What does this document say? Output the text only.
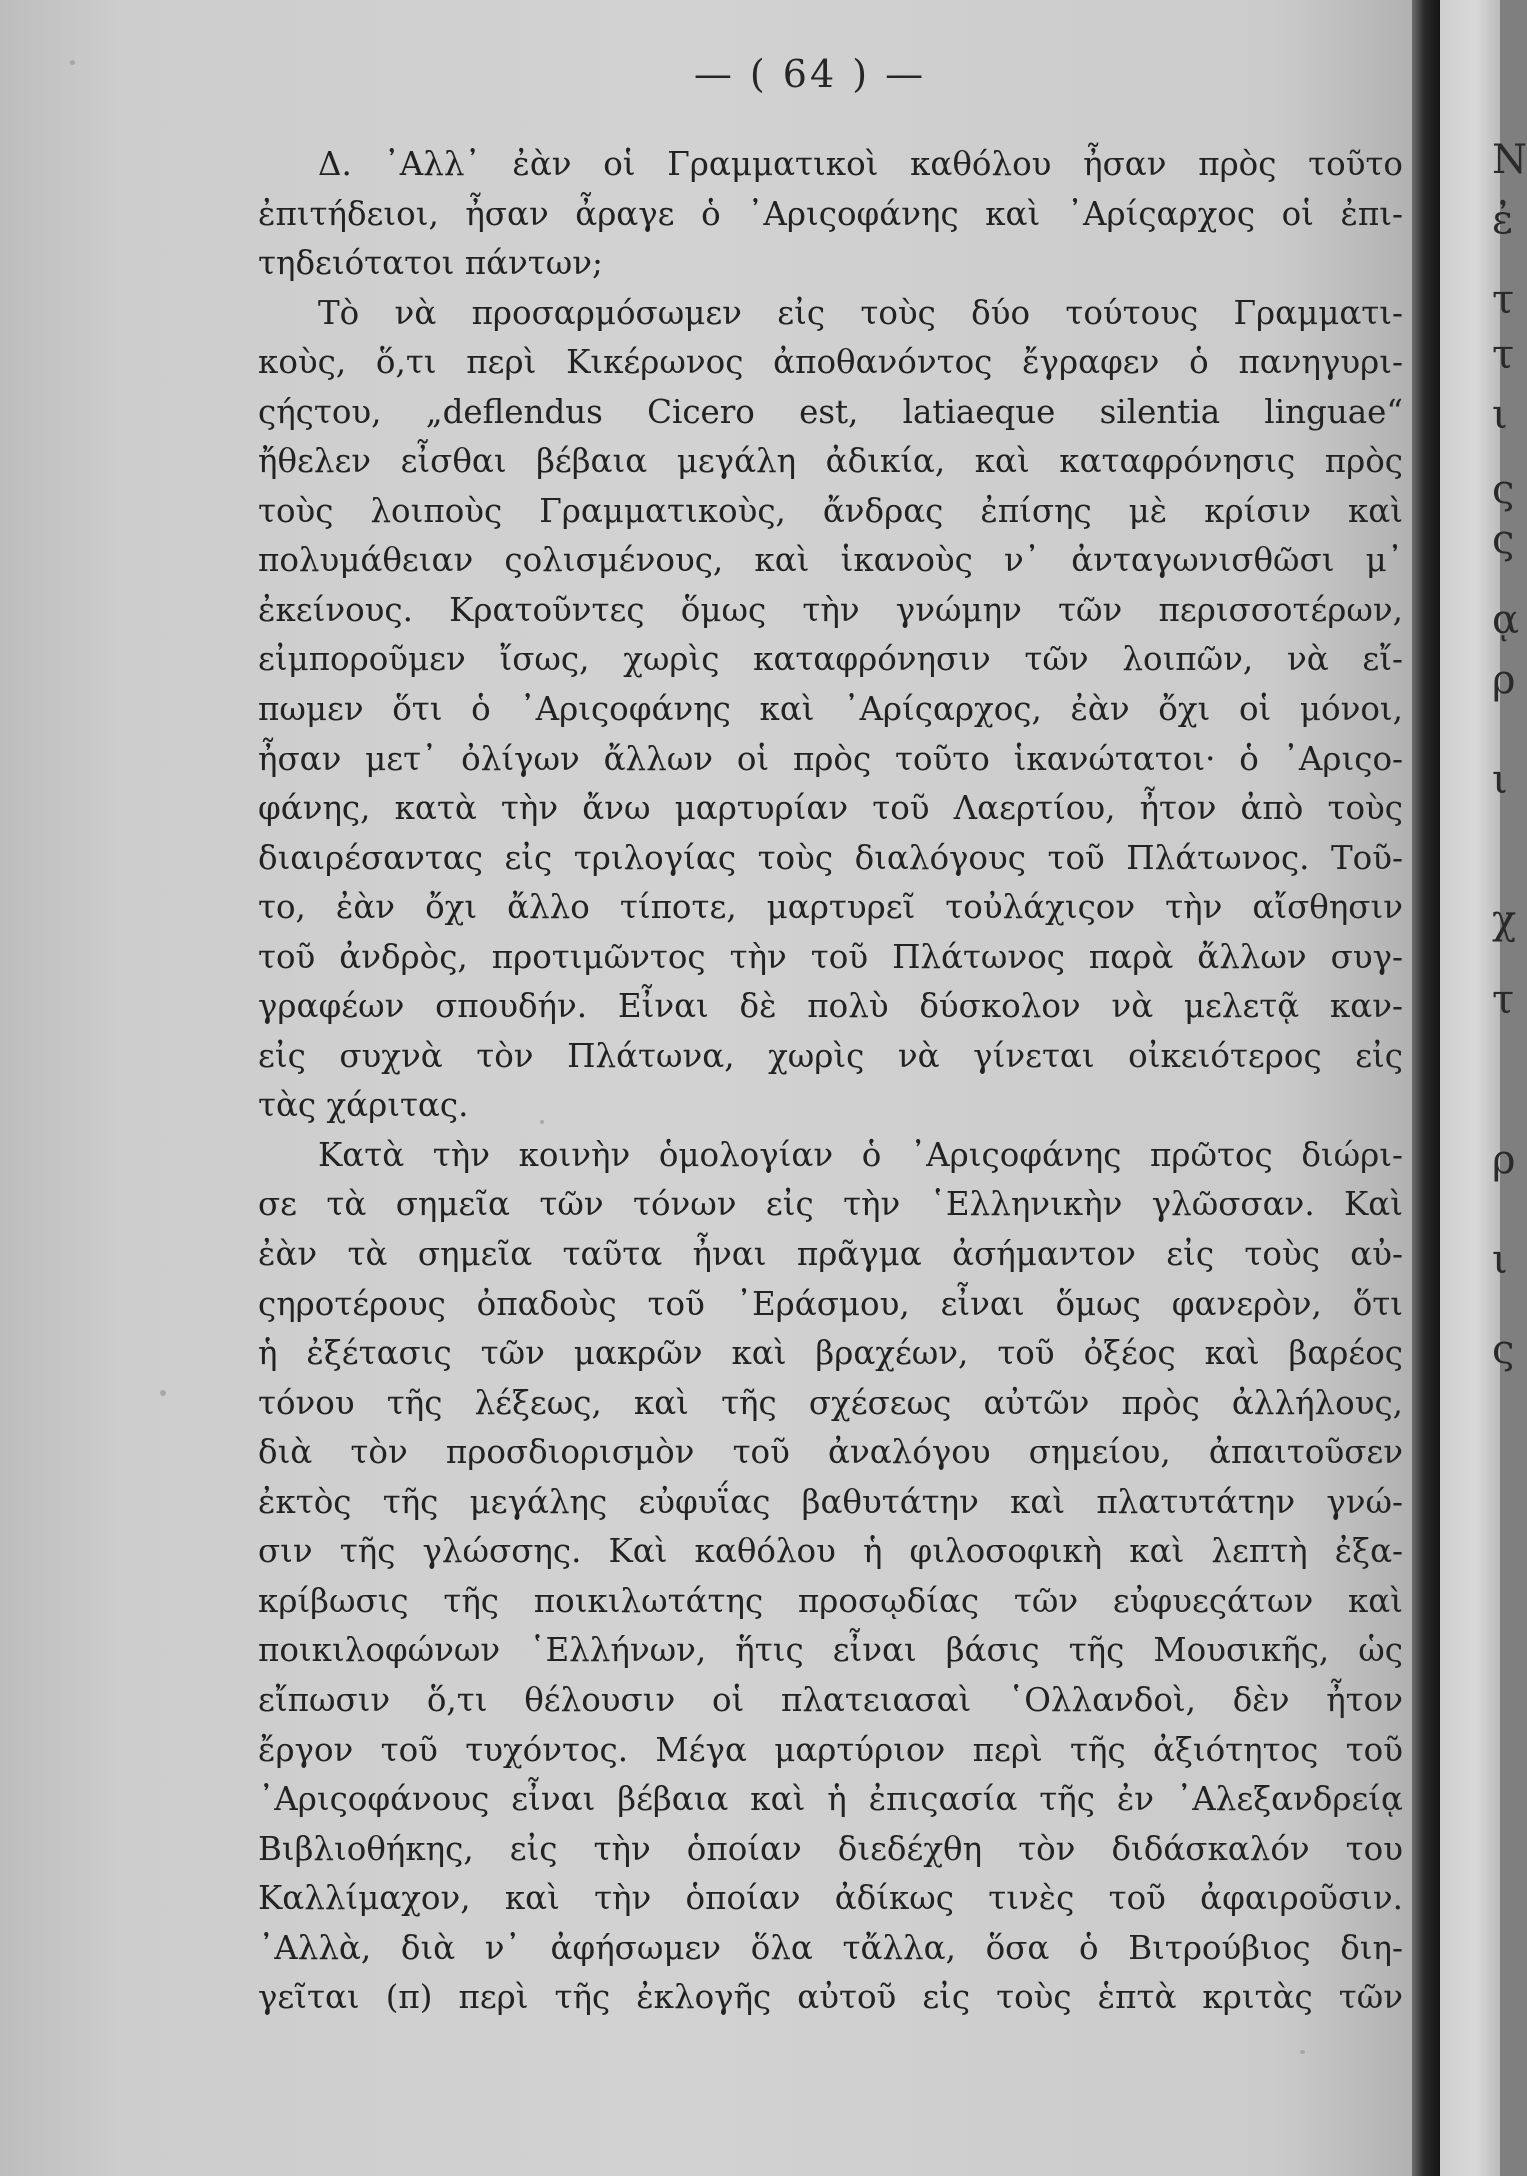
— ( 64 ) —
Δ. ᾿Αλλ᾿ ἐὰν οἱ Γραμματικοὶ καθόλου ἦσαν πρὸς τοῦτο
ἐπιτήδειοι, ἦσαν ἆραγε ὁ ᾿Αριςοφάνης καὶ ᾿Αρίςαρχος οἱ ἐπι-
τηδειότατοι πάντων;
Τὸ νὰ προσαρμόσωμεν εἰς τοὺς δύο τούτους Γραμματι-
κοὺς, ὅ,τι περὶ Κικέρωνος ἀποθανόντος ἔγραφεν ὁ πανηγυρι-
ςήςτου, „deflendus Cicero est, latiaeque silentia linguae“
ἤθελεν εἶσθαι βέβαια μεγάλη ἀδικία, καὶ καταφρόνησις πρὸς
τοὺς λοιποὺς Γραμματικοὺς, ἄνδρας ἐπίσης μὲ κρίσιν καὶ
πολυμάθειαν ςολισμένους, καὶ ἱκανοὺς ν᾿ ἀνταγωνισθῶσι μ᾿
ἐκείνους. Κρατοῦντες ὅμως τὴν γνώμην τῶν περισσοτέρων,
εἰμποροῦμεν ἴσως, χωρὶς καταφρόνησιν τῶν λοιπῶν, νὰ εἴ-
πωμεν ὅτι ὁ ᾿Αριςοφάνης καὶ ᾿Αρίςαρχος, ἐὰν ὄχι οἱ μόνοι,
ἦσαν μετ᾿ ὀλίγων ἄλλων οἱ πρὸς τοῦτο ἱκανώτατοι· ὁ ᾿Αριςο-
φάνης, κατὰ τὴν ἄνω μαρτυρίαν τοῦ Λαερτίου, ἦτον ἀπὸ τοὺς
διαιρέσαντας εἰς τριλογίας τοὺς διαλόγους τοῦ Πλάτωνος. Τοῦ-
το, ἐὰν ὄχι ἄλλο τίποτε, μαρτυρεῖ τοὐλάχιςον τὴν αἴσθησιν
τοῦ ἀνδρὸς, προτιμῶντος τὴν τοῦ Πλάτωνος παρὰ ἄλλων συγ-
γραφέων σπουδήν. Εἶναι δὲ πολὺ δύσκολον νὰ μελετᾷ καν-
εἰς συχνὰ τὸν Πλάτωνα, χωρὶς νὰ γίνεται οἰκειότερος εἰς
τὰς χάριτας.
Κατὰ τὴν κοινὴν ὁμολογίαν ὁ ᾿Αριςοφάνης πρῶτος διώρι-
σε τὰ σημεῖα τῶν τόνων εἰς τὴν ῾Ελληνικὴν γλῶσσαν. Καὶ
ἐὰν τὰ σημεῖα ταῦτα ἦναι πρᾶγμα ἀσήμαντον εἰς τοὺς αὐ-
ςηροτέρους ὀπαδοὺς τοῦ ᾿Εράσμου, εἶναι ὅμως φανερὸν, ὅτι
ἡ ἐξέτασις τῶν μακρῶν καὶ βραχέων, τοῦ ὀξέος καὶ βαρέος
τόνου τῆς λέξεως, καὶ τῆς σχέσεως αὐτῶν πρὸς ἀλλήλους,
διὰ τὸν προσδιορισμὸν τοῦ ἀναλόγου σημείου, ἀπαιτοῦσεν
ἐκτὸς τῆς μεγάλης εὐφυΐας βαθυτάτην καὶ πλατυτάτην γνώ-
σιν τῆς γλώσσης. Καὶ καθόλου ἡ φιλοσοφικὴ καὶ λεπτὴ ἐξα-
κρίβωσις τῆς ποικιλωτάτης προσῳδίας τῶν εὐφυεςάτων καὶ
ποικιλοφώνων ῾Ελλήνων, ἥτις εἶναι βάσις τῆς Μουσικῆς, ὡς
εἴπωσιν ὅ,τι θέλουσιν οἱ πλατειασαὶ ῾Ολλανδοὶ, δὲν ἦτον
ἔργον τοῦ τυχόντος. Μέγα μαρτύριον περὶ τῆς ἀξιότητος τοῦ
᾿Αριςοφάνους εἶναι βέβαια καὶ ἡ ἐπιςασία τῆς ἐν ᾿Αλεξανδρείᾳ
Βιβλιοθήκης, εἰς τὴν ὁποίαν διεδέχθη τὸν διδάσκαλόν του
Καλλίμαχον, καὶ τὴν ὁποίαν ἀδίκως τινὲς τοῦ ἀφαιροῦσιν.
᾿Αλλὰ, διὰ ν᾿ ἀφήσωμεν ὅλα τἄλλα, ὅσα ὁ Βιτρούβιος διη-
γεῖται (π) περὶ τῆς ἐκλογῆς αὐτοῦ εἰς τοὺς ἑπτὰ κριτὰς τῶν
Ν
ἐ
τ
τ
ι
ς
ς
ᾳ
ρ
ι
χ
τ
ρ
ι
ς
